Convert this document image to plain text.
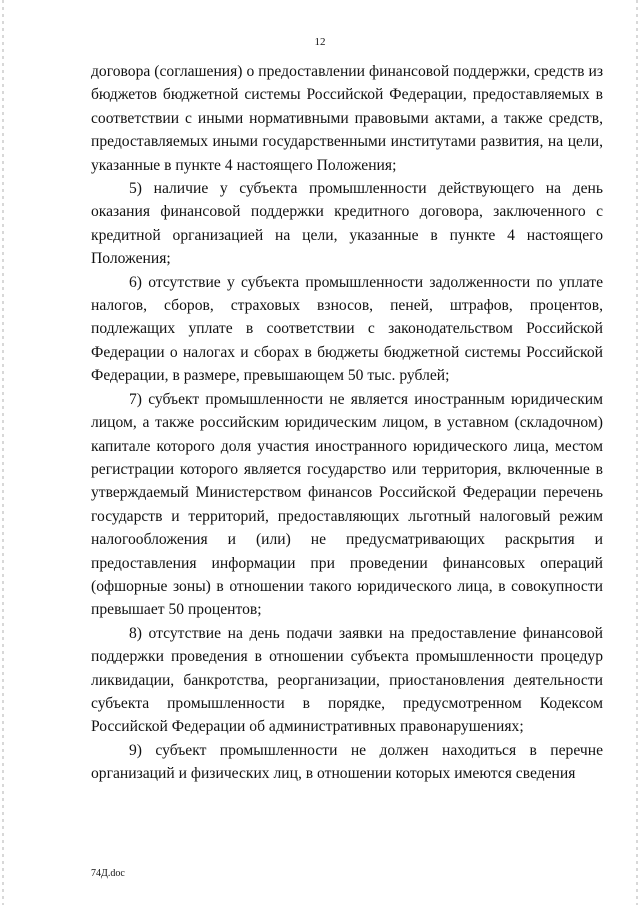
12

договора (соглашения) о предоставлении финансовой поддержки, средств из бюджетов бюджетной системы Российской Федерации, предоставляемых в соответствии с иными нормативными правовыми актами, а также средств, предоставляемых иными государственными институтами развития, на цели, указанные в пункте 4 настоящего Положения;

5) наличие у субъекта промышленности действующего на день оказания финансовой поддержки кредитного договора, заключенного с кредитной организацией на цели, указанные в пункте 4 настоящего Положения;

6) отсутствие у субъекта промышленности задолженности по уплате налогов, сборов, страховых взносов, пеней, штрафов, процентов, подлежащих уплате в соответствии с законодательством Российской Федерации о налогах и сборах в бюджеты бюджетной системы Российской Федерации, в размере, превышающем 50 тыс. рублей;

7) субъект промышленности не является иностранным юридическим лицом, а также российским юридическим лицом, в уставном (складочном) капитале которого доля участия иностранного юридического лица, местом регистрации которого является государство или территория, включенные в утверждаемый Министерством финансов Российской Федерации перечень государств и территорий, предоставляющих льготный налоговый режим налогообложения и (или) не предусматривающих раскрытия и предоставления информации при проведении финансовых операций (офшорные зоны) в отношении такого юридического лица, в совокупности превышает 50 процентов;

8) отсутствие на день подачи заявки на предоставление финансовой поддержки проведения в отношении субъекта промышленности процедур ликвидации, банкротства, реорганизации, приостановления деятельности субъекта промышленности в порядке, предусмотренном Кодексом Российской Федерации об административных правонарушениях;

9) субъект промышленности не должен находиться в перечне организаций и физических лиц, в отношении которых имеются сведения

74Д.doc
